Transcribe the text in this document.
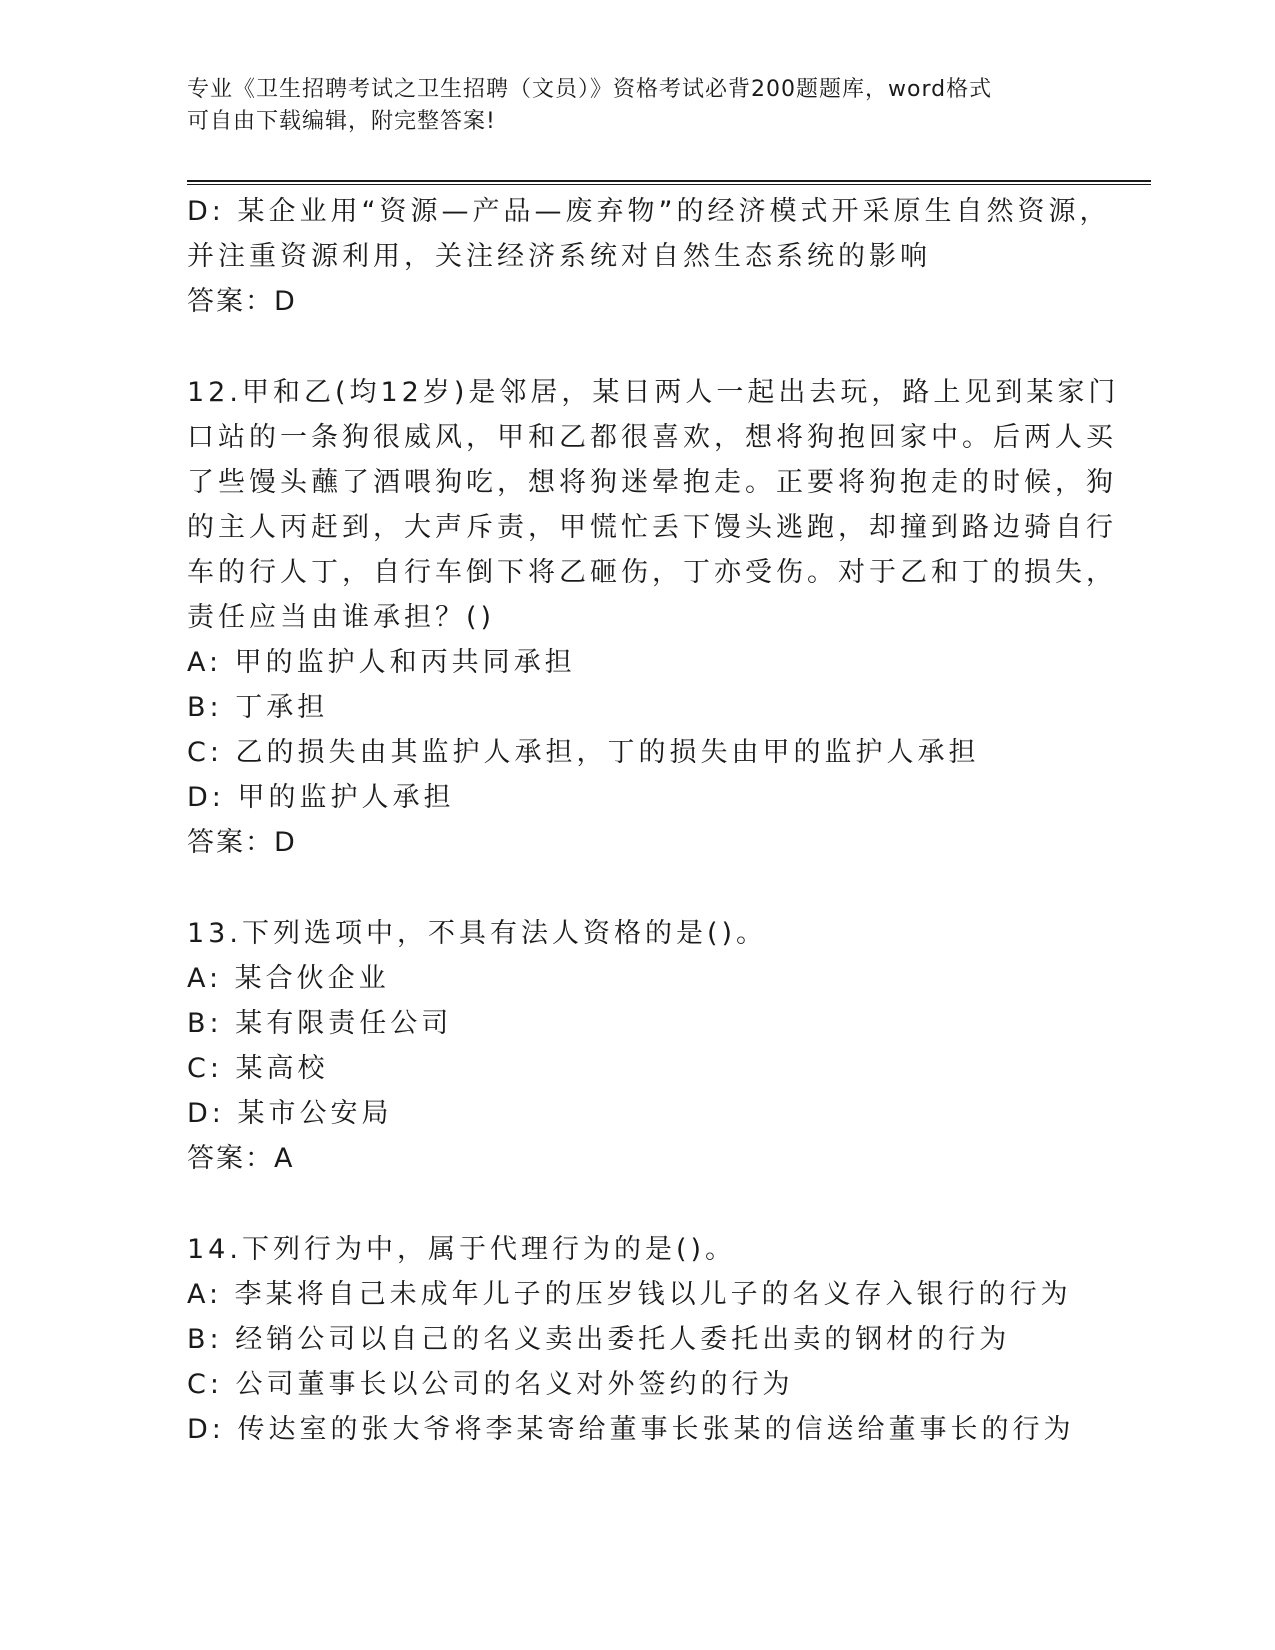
专业《卫生招聘考试之卫生招聘（文员）》资格考试必背200题题库，word格式
可自由下载编辑，附完整答案!
D: 某企业用“资源—产品—废弃物”的经济模式开采原生自然资源，
并注重资源利用，关注经济系统对自然生态系统的影响
答案：D
12.甲和乙(均12岁)是邻居，某日两人一起出去玩，路上见到某家门
口站的一条狗很威风，甲和乙都很喜欢，想将狗抱回家中。后两人买
了些馒头蘸了酒喂狗吃，想将狗迷晕抱走。正要将狗抱走的时候，狗
的主人丙赶到，大声斥责，甲慌忙丢下馒头逃跑，却撞到路边骑自行
车的行人丁，自行车倒下将乙砸伤，丁亦受伤。对于乙和丁的损失，
责任应当由谁承担？()
A: 甲的监护人和丙共同承担
B: 丁承担
C: 乙的损失由其监护人承担，丁的损失由甲的监护人承担
D: 甲的监护人承担
答案：D
13.下列选项中，不具有法人资格的是()。
A: 某合伙企业
B: 某有限责任公司
C: 某高校
D: 某市公安局
答案：A
14.下列行为中，属于代理行为的是()。
A: 李某将自己未成年儿子的压岁钱以儿子的名义存入银行的行为
B: 经销公司以自己的名义卖出委托人委托出卖的钢材的行为
C: 公司董事长以公司的名义对外签约的行为
D: 传达室的张大爷将李某寄给董事长张某的信送给董事长的行为
